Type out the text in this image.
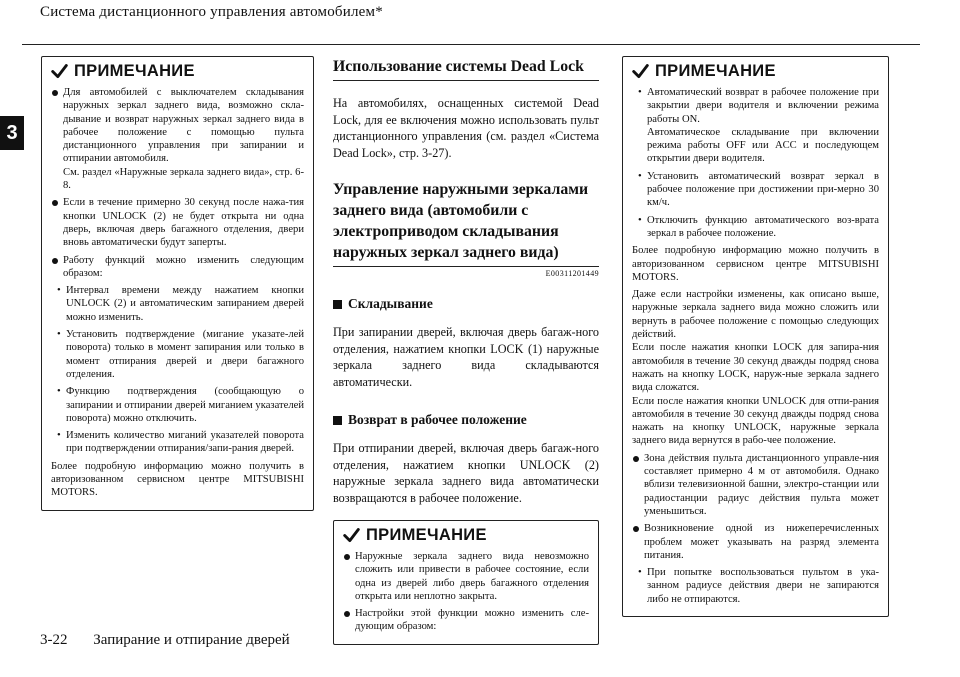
Система дистанционного управления автомобилем*
3
ПРИМЕЧАНИЕ
Для автомобилей с выключателем складывания наружных зеркал заднего вида, возможно скла-дывание и возврат наружных зеркал заднего вида в рабочее положение с помощью пульта дистанционного управления при запирании и отпирании автомобиля.
См. раздел «Наружные зеркала заднего вида», стр. 6-8.
Если в течение примерно 30 секунд после нажа-тия кнопки UNLOCK (2) не будет открыта ни одна дверь, включая дверь багажного отделения, двери вновь автоматически будут заперты.
Работу функций можно изменить следующим образом:
• Интервал времени между нажатием кнопки UNLOCK (2) и автоматическим запиранием дверей можно изменить.
• Установить подтверждение (мигание указате-лей поворота) только в момент запирания или только в момент отпирания дверей и двери багажного отделения.
• Функцию подтверждения (сообщающую о запирании и отпирании дверей миганием указателей поворота) можно отключить.
• Изменить количество миганий указателей поворота при подтверждении отпирания/запи-рания дверей.
Более подробную информацию можно получить в авторизованном сервисном центре MITSUBISHI MOTORS.
Использование системы Dead Lock

На автомобилях, оснащенных системой Dead Lock, для ее включения можно использовать пульт дистанционного управления (см. раздел «Система Dead Lock», стр. 3-27).

Управление наружными зеркалами заднего вида (автомобили с электроприводом складывания наружных зеркал заднего вида)
E00311201449
Складывание

При запирании дверей, включая дверь багаж-ного отделения, нажатием кнопки LOCK (1) наружные зеркала заднего вида складываются автоматически.

Возврат в рабочее положение

При отпирании дверей, включая дверь багаж-ного отделения, нажатием кнопки UNLOCK (2) наружные зеркала заднего вида автоматически возвращаются в рабочее положение.

ПРИМЕЧАНИЕ
Наружные зеркала заднего вида невозможно сложить или привести в рабочее состояние, если одна из дверей либо дверь багажного отделения открыта или неплотно закрыта.
Настройки этой функции можно изменить сле-дующим образом:
ПРИМЕЧАНИЕ
• Автоматический возврат в рабочее положение при закрытии двери водителя и включении режима работы ON.
Автоматическое складывание при включении режима работы OFF или ACC и последующем открытии двери водителя.
• Установить автоматический возврат зеркал в рабочее положение при достижении при-мерно 30 км/ч.
• Отключить функцию автоматического воз-врата зеркал в рабочее положение.
Более подробную информацию можно получить в авторизованном сервисном центре MITSUBISHI MOTORS.
Даже если настройки изменены, как описано выше, наружные зеркала заднего вида можно сложить или вернуть в рабочее положение с помощью следующих действий.
Если после нажатия кнопки LOCK для запира-ния автомобиля в течение 30 секунд дважды подряд снова нажать на кнопку LOCK, наруж-ные зеркала заднего вида сложатся.
Если после нажатия кнопки UNLOCK для отпи-рания автомобиля в течение 30 секунд дважды подряд снова нажать на кнопку UNLOCK, наружные зеркала заднего вида вернутся в рабо-чее положение.
Зона действия пульта дистанционного управле-ния составляет примерно 4 м от автомобиля. Однако вблизи телевизионной башни, электро-станции или радиостанции радиус действия пульта может уменьшиться.
Возникновение одной из нижеперечисленных проблем может указывать на разряд элемента питания.
• При попытке воспользоваться пультом в ука-занном радиусе действия двери не запираются либо не отпираются.
3-22 Запирание и отпирание дверей
